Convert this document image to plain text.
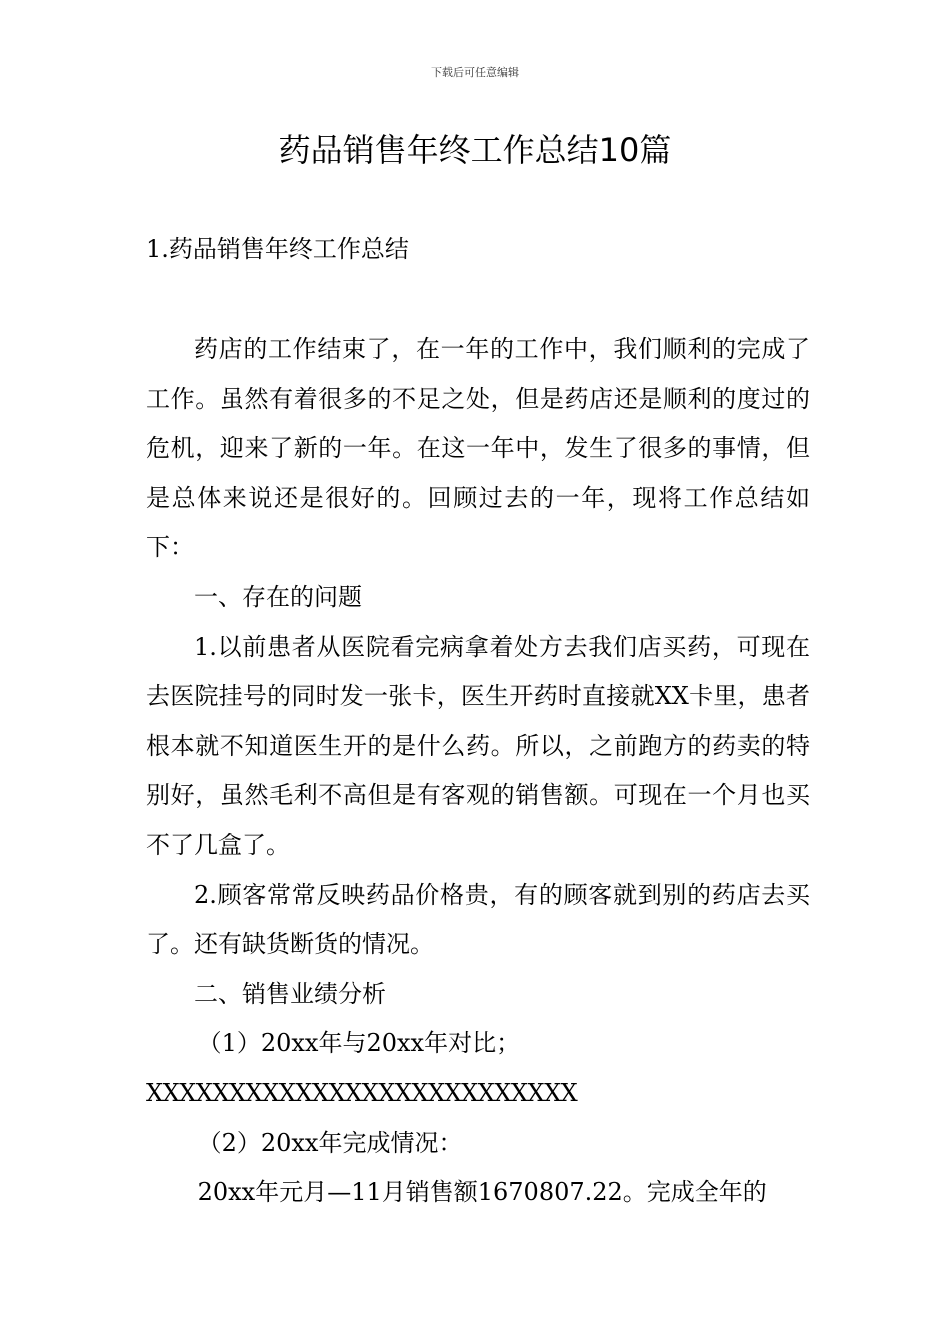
下载后可任意编辑
药品销售年终工作总结10篇
1.药品销售年终工作总结

药店的工作结束了，在一年的工作中，我们顺利的完成了工作。虽然有着很多的不足之处，但是药店还是顺利的度过的危机，迎来了新的一年。在这一年中，发生了很多的事情，但是总体来说还是很好的。回顾过去的一年，现将工作总结如下：

一、存在的问题

1.以前患者从医院看完病拿着处方去我们店买药，可现在去医院挂号的同时发一张卡，医生开药时直接就XX卡里，患者根本就不知道医生开的是什么药。所以，之前跑方的药卖的特别好，虽然毛利不高但是有客观的销售额。可现在一个月也买不了几盒了。

2.顾客常常反映药品价格贵，有的顾客就到别的药店去买了。还有缺货断货的情况。

二、销售业绩分析

（1）20xx年与20xx年对比；

XXXXXXXXXXXXXXXXXXXXXXXXXX

（2）20xx年完成情况：

20xx年元月—11月销售额1670807.22。完成全年的
